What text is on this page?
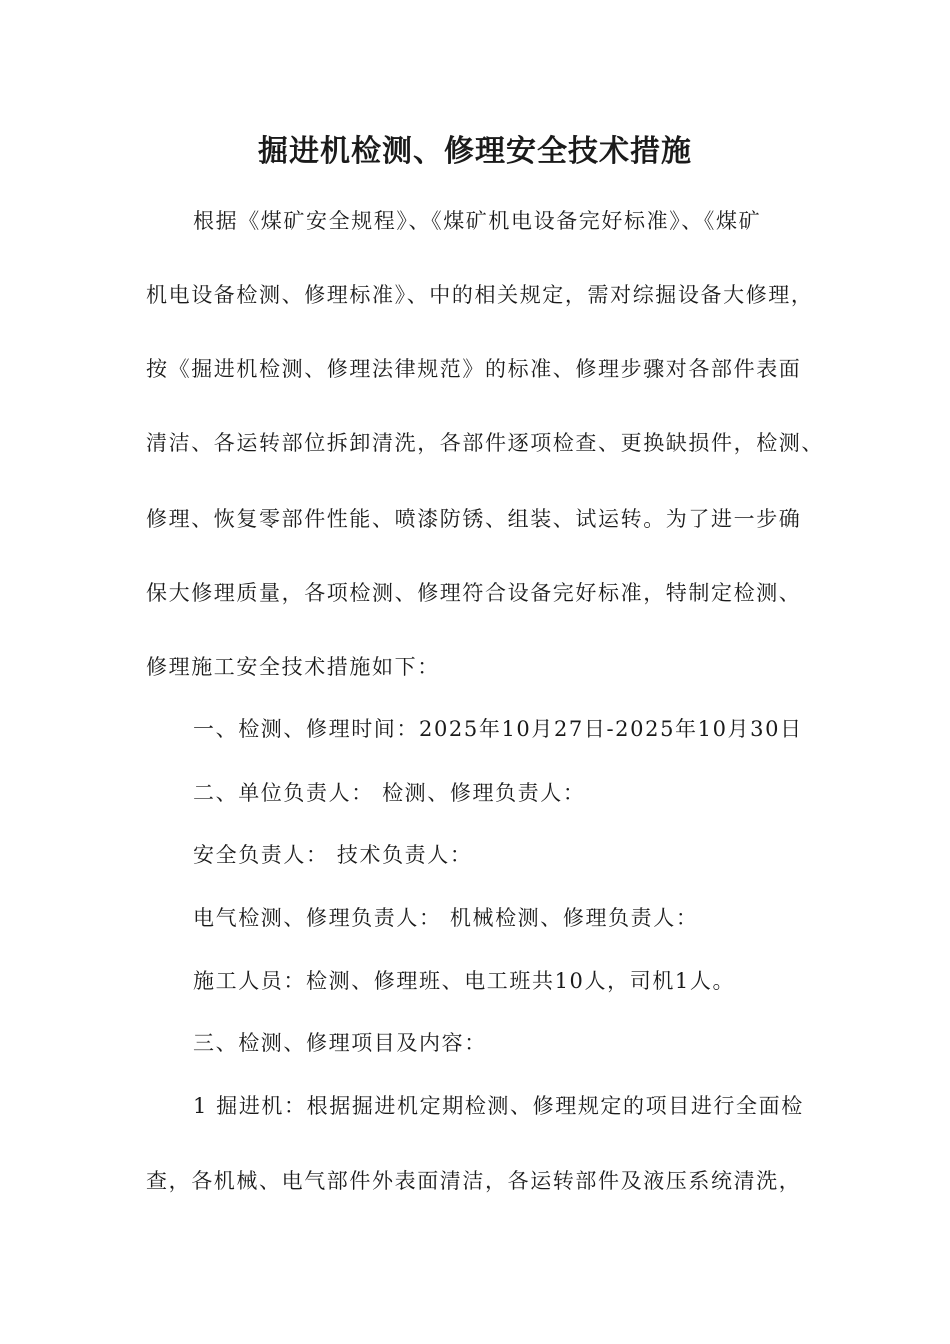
掘进机检测、修理安全技术措施
根据《煤矿安全规程》、《煤矿机电设备完好标准》、《煤矿
机电设备检测、修理标准》、中的相关规定，需对综掘设备大修理，
按《掘进机检测、修理法律规范》的标准、修理步骤对各部件表面
清洁、各运转部位拆卸清洗，各部件逐项检查、更换缺损件，检测、
修理、恢复零部件性能、喷漆防锈、组装、试运转。为了进一步确
保大修理质量，各项检测、修理符合设备完好标准，特制定检测、
修理施工安全技术措施如下：
一、检测、修理时间：2025年10月27日-2025年10月30日
二、单位负责人： 检测、修理负责人：
安全负责人： 技术负责人：
电气检测、修理负责人： 机械检测、修理负责人：
施工人员：检测、修理班、电工班共10人，司机1人。
三、检测、修理项目及内容：
1 掘进机：根据掘进机定期检测、修理规定的项目进行全面检
查，各机械、电气部件外表面清洁，各运转部件及液压系统清洗，
